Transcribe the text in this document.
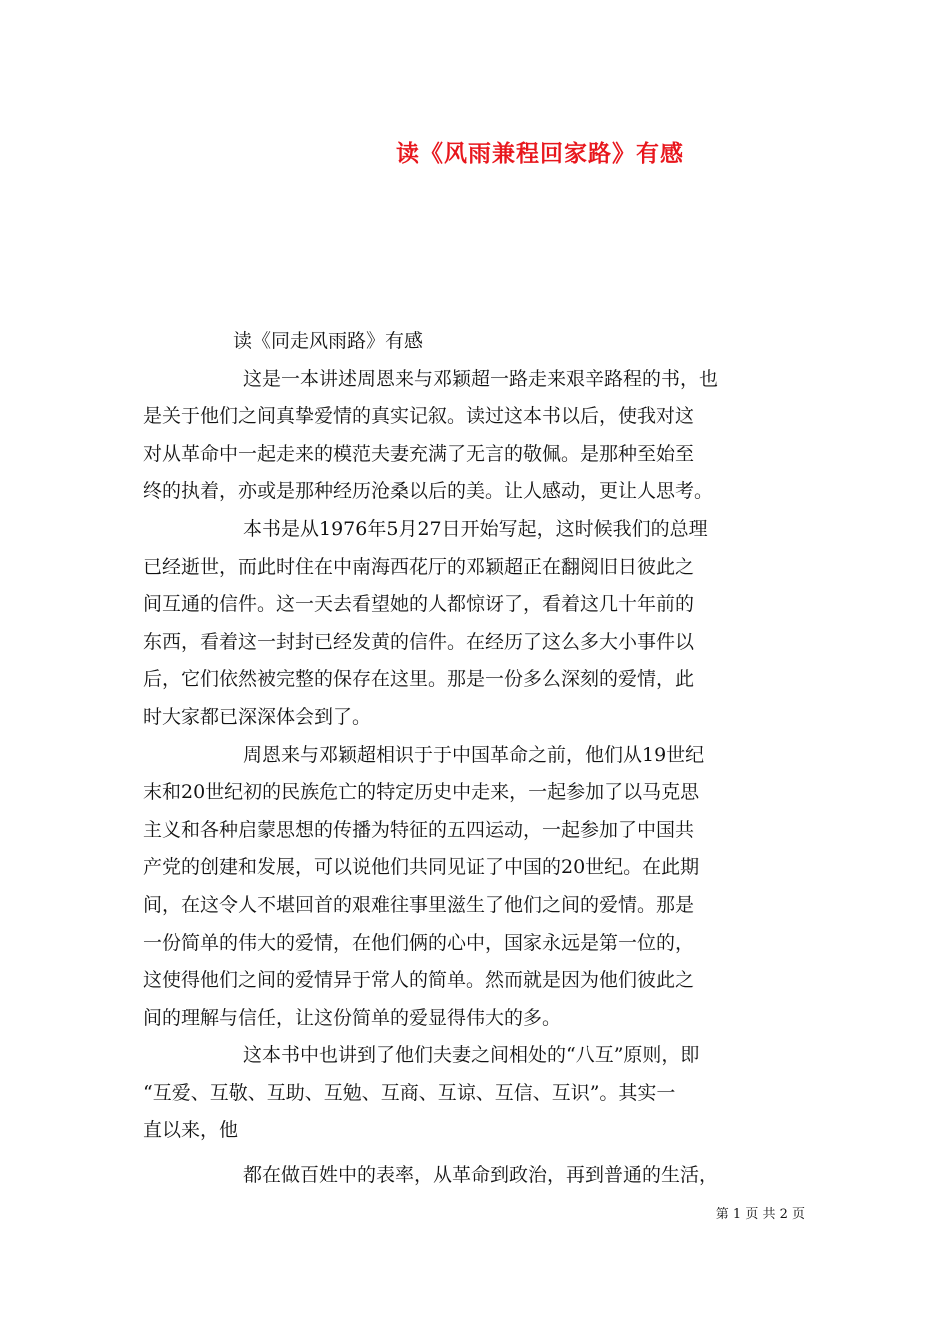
读《风雨兼程回家路》有感
读《同走风雨路》有感
这是一本讲述周恩来与邓颖超一路走来艰辛路程的书，也
是关于他们之间真挚爱情的真实记叙。读过这本书以后，使我对这
对从革命中一起走来的模范夫妻充满了无言的敬佩。是那种至始至
终的执着，亦或是那种经历沧桑以后的美。让人感动，更让人思考。
本书是从1976年5月27日开始写起，这时候我们的总理
已经逝世，而此时住在中南海西花厅的邓颖超正在翻阅旧日彼此之
间互通的信件。这一天去看望她的人都惊讶了，看着这几十年前的
东西，看着这一封封已经发黄的信件。在经历了这么多大小事件以
后，它们依然被完整的保存在这里。那是一份多么深刻的爱情，此
时大家都已深深体会到了。
周恩来与邓颖超相识于于中国革命之前，他们从19世纪
末和20世纪初的民族危亡的特定历史中走来，一起参加了以马克思
主义和各种启蒙思想的传播为特征的五四运动，一起参加了中国共
产党的创建和发展，可以说他们共同见证了中国的20世纪。在此期
间，在这令人不堪回首的艰难往事里滋生了他们之间的爱情。那是
一份简单的伟大的爱情，在他们俩的心中，国家永远是第一位的，
这使得他们之间的爱情异于常人的简单。然而就是因为他们彼此之
间的理解与信任，让这份简单的爱显得伟大的多。
这本书中也讲到了他们夫妻之间相处的“八互”原则，即
“互爱、互敬、互助、互勉、互商、互谅、互信、互识”。其实一
直以来，他
都在做百姓中的表率，从革命到政治，再到普通的生活，
第 1 页 共 2 页
